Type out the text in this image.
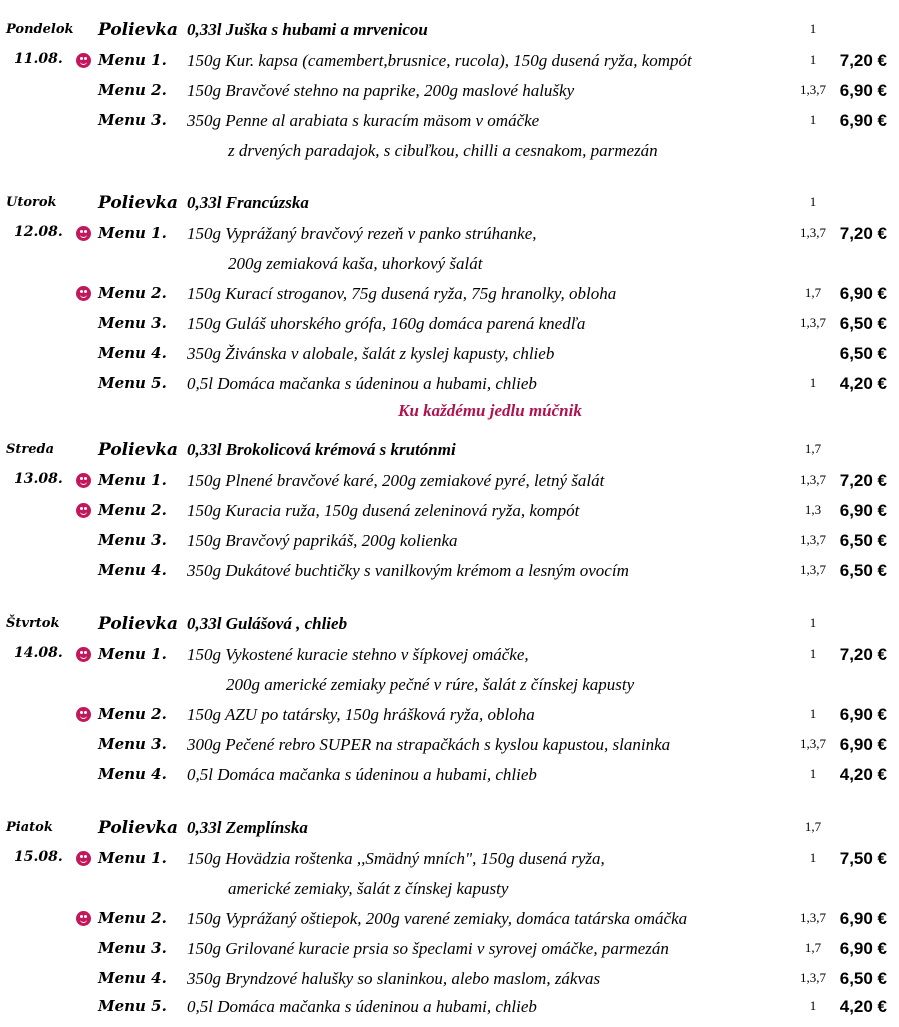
Pondelok Polievka 0,33l Juška s hubami a mrvenicou	1
11.08. Menu 1. 150g Kur. kapsa (camembert,brusnice, rucola), 150g dusená ryža, kompót	1	7,20 €
Menu 2. 150g Bravčové stehno na paprike, 200g maslové halušky	1,3,7 6,90 €
Menu 3. 350g Penne al arabiata s kuracím mäsom v omáčke	1	6,90 €
z drvených paradajok, s cibuľkou, chilli a cesnakom, parmezán
Utorok Polievka 0,33l Francúzska	1
12.08. Menu 1. 150g Vyprážaný bravčový rezeň v panko strúhanke,	1,3,7 7,20 €
200g zemiaková kaša, uhorkový šalát
Menu 2. 150g Kurací stroganov, 75g dusená ryža, 75g hranolky, obloha	1,7	6,90 €
Menu 3. 150g Guláš uhorského grófa, 160g domáca parená knedľa	1,3,7 6,50 €
Menu 4. 350g Živánska v alobale, šalát z kyslej kapusty, chlieb	6,50 €
Menu 5. 0,5l Domáca mačanka s údeninou a hubami, chlieb	1	4,20 €
Ku každému jedlu múčnik
Streda	Polievka 0,33l Brokolicová krémová s krutónmi	1,7
13.08. Menu 1. 150g Plnené bravčové karé, 200g zemiakové pyré, letný šalát	1,3,7 7,20 €
Menu 2. 150g Kuracia ruža, 150g dusená zeleninová ryža, kompót	1,3	6,90 €
Menu 3. 150g Bravčový paprikáš, 200g kolienka	1,3,7 6,50 €
Menu 4. 350g Dukátové buchtičky s vanilkovým krémom a lesným ovocím	1,3,7 6,50 €
Štvrtok Polievka 0,33l Gulášová , chlieb	1
14.08. Menu 1. 150g Vykostené kuracie stehno v šípkovej omáčke,	1	7,20 €
200g americké zemiaky pečné v rúre, šalát z čínskej kapusty
Menu 2. 150g AZU po tatársky, 150g hrášková ryža, obloha	1	6,90 €
Menu 3. 300g Pečené rebro SUPER na strapačkách s kyslou kapustou, slaninka	1,3,7 6,90 €
Menu 4. 0,5l Domáca mačanka s údeninou a hubami, chlieb	1	4,20 €
Piatok	Polievka 0,33l Zemplínska	1,7
15.08. Menu 1. 150g Hovädzia roštenka ,,Smädný mních", 150g dusená ryža,	1	7,50 €
americké zemiaky, šalát z čínskej kapusty
Menu 2. 150g Vyprážaný oštiepok, 200g varené zemiaky, domáca tatárska omáčka	1,3,7 6,90 €
Menu 3. 150g Grilované kuracie prsia so špeclami v syrovej omáčke, parmezán	1,7	6,90 €
Menu 4. 350g Bryndzové halušky so slaninkou, alebo maslom, zákvas	1,3,7 6,50 €
Menu 5. 0,5l Domáca mačanka s údeninou a hubami, chlieb	1	4,20 €
